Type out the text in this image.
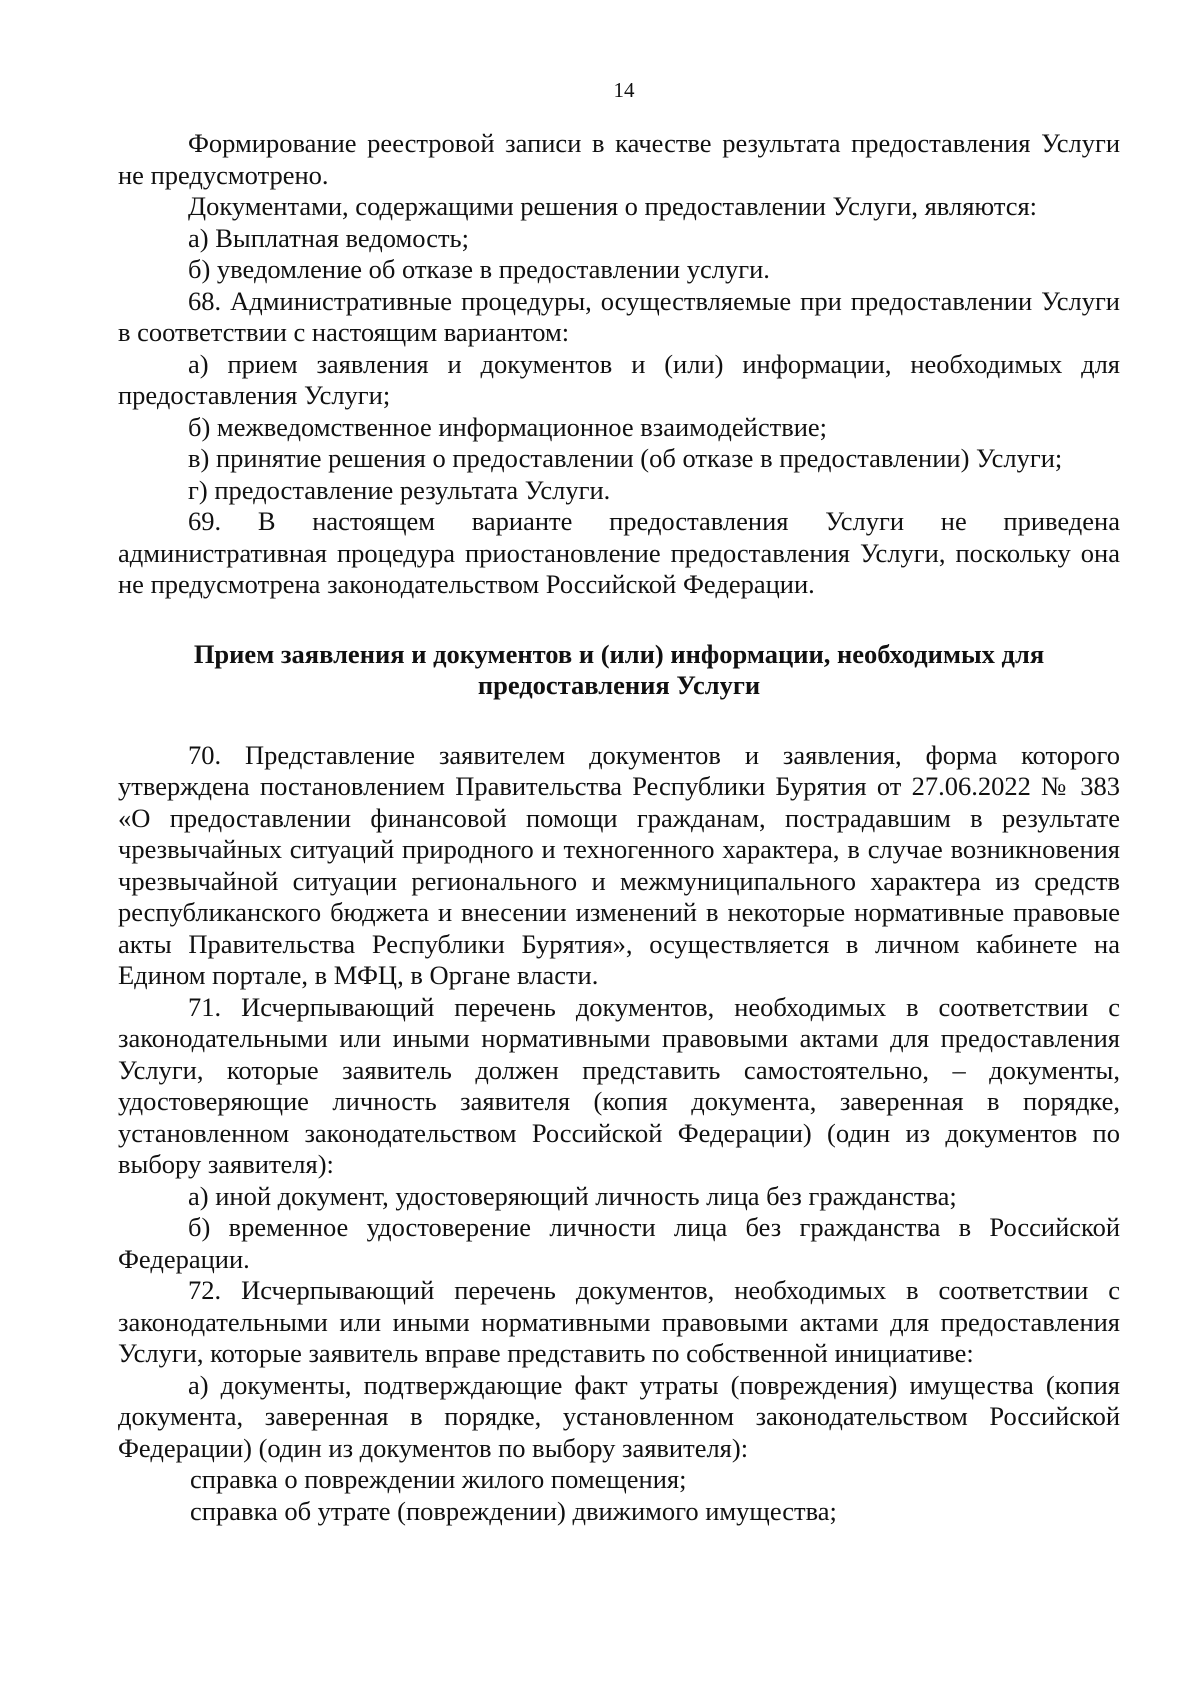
14

Формирование реестровой записи в качестве результата предоставления Услуги не предусмотрено.

Документами, содержащими решения о предоставлении Услуги, являются:

а) Выплатная ведомость;

б) уведомление об отказе в предоставлении услуги.

68. Административные процедуры, осуществляемые при предоставлении Услуги в соответствии с настоящим вариантом:

а) прием заявления и документов и (или) информации, необходимых для предоставления Услуги;

б) межведомственное информационное взаимодействие;

в) принятие решения о предоставлении (об отказе в предоставлении) Услуги;

г) предоставление результата Услуги.

69. В настоящем варианте предоставления Услуги не приведена административная процедура приостановление предоставления Услуги, поскольку она не предусмотрена законодательством Российской Федерации.

Прием заявления и документов и (или) информации, необходимых для предоставления Услуги

70. Представление заявителем документов и заявления, форма которого утверждена постановлением Правительства Республики Бурятия от 27.06.2022 № 383 «О предоставлении финансовой помощи гражданам, пострадавшим в результате чрезвычайных ситуаций природного и техногенного характера, в случае возникновения чрезвычайной ситуации регионального и межмуниципального характера из средств республиканского бюджета и внесении изменений в некоторые нормативные правовые акты Правительства Республики Бурятия», осуществляется в личном кабинете на Едином портале, в МФЦ, в Органе власти.

71. Исчерпывающий перечень документов, необходимых в соответствии с законодательными или иными нормативными правовыми актами для предоставления Услуги, которые заявитель должен представить самостоятельно, – документы, удостоверяющие личность заявителя (копия документа, заверенная в порядке, установленном законодательством Российской Федерации) (один из документов по выбору заявителя):

а) иной документ, удостоверяющий личность лица без гражданства;

б) временное удостоверение личности лица без гражданства в Российской Федерации.

72. Исчерпывающий перечень документов, необходимых в соответствии с законодательными или иными нормативными правовыми актами для предоставления Услуги, которые заявитель вправе представить по собственной инициативе:

а) документы, подтверждающие факт утраты (повреждения) имущества (копия документа, заверенная в порядке, установленном законодательством Российской Федерации) (один из документов по выбору заявителя):

справка о повреждении жилого помещения;

справка об утрате (повреждении) движимого имущества;
